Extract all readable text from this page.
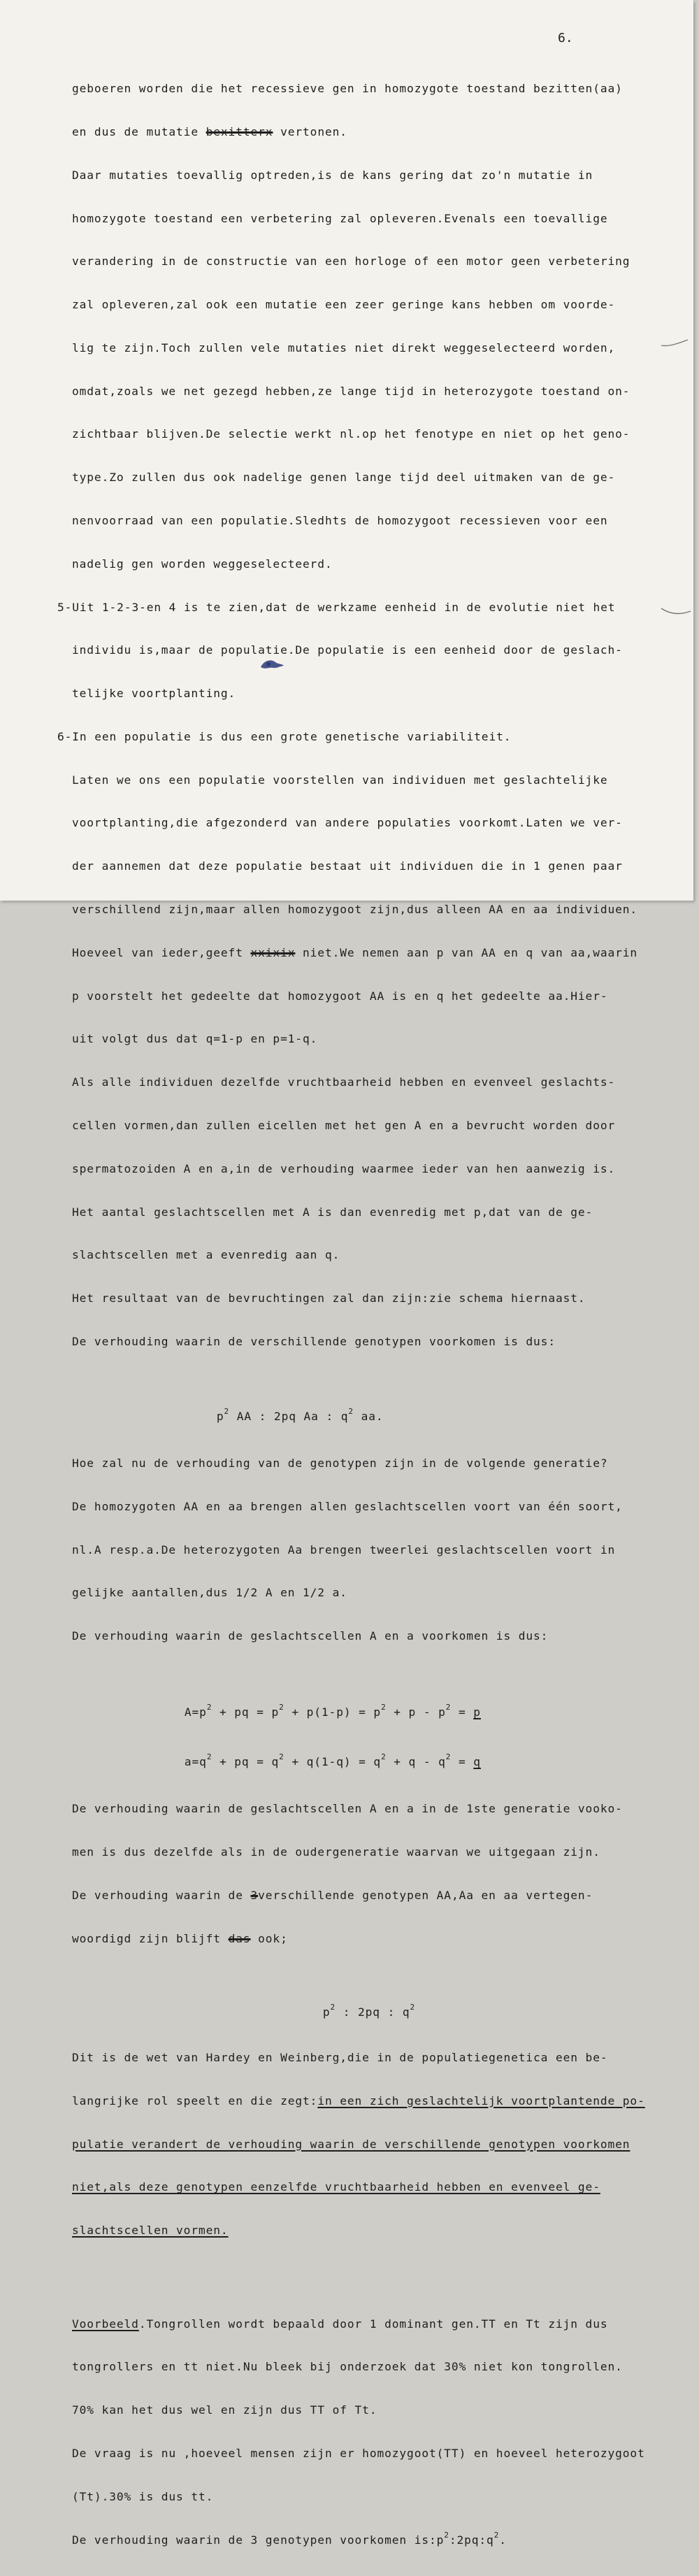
6.

geboeren worden die het recessieve gen in homozygote toestand bezitten(aa)

en dus de mutatie bexitterx vertonen.

Daar mutaties toevallig optreden,is de kans gering dat zo'n mutatie in

homozygote toestand een verbetering zal opleveren.Evenals een toevallige

verandering in de constructie van een horloge of een motor geen verbetering

zal opleveren,zal ook een mutatie een zeer geringe kans hebben om voorde-

lig te zijn.Toch zullen vele mutaties niet direkt weggeselecteerd worden,

omdat,zoals we net gezegd hebben,ze lange tijd in heterozygote toestand on-

zichtbaar blijven.De selectie werkt nl.op het fenotype en niet op het geno-

type.Zo zullen dus ook nadelige genen lange tijd deel uitmaken van de ge-

nenvoorraad van een populatie.Sledhts de homozygoot recessieven voor een

nadelig gen worden weggeselecteerd.

5-Uit 1-2-3-en 4 is te zien,dat de werkzame eenheid in de evolutie niet het

individu is,maar de populatie.De populatie is een eenheid door de geslach-

telijke voortplanting.

6-In een populatie is dus een grote genetische variabiliteit.

Laten we ons een populatie voorstellen van individuen met geslachtelijke

voortplanting,die afgezonderd van andere populaties voorkomt.Laten we ver-

der aannemen dat deze populatie bestaat uit individuen die in 1 genen paar

verschillend zijn,maar allen homozygoot zijn,dus alleen AA en aa individuen.

Hoeveel van ieder,geeft xxixix niet.We nemen aan p van AA en q van aa,waarin

p voorstelt het gedeelte dat homozygoot AA is en q het gedeelte aa.Hier-

uit volgt dus dat q=1-p en p=1-q.

Als alle individuen dezelfde vruchtbaarheid hebben en evenveel geslachts-

cellen vormen,dan zullen eicellen met het gen A en a bevrucht worden door

spermatozoiden A en a,in de verhouding waarmee ieder van hen aanwezig is.

Het aantal geslachtscellen met A is dan evenredig met p,dat van de ge-

slachtscellen met a evenredig aan q.

Het resultaat van de bevruchtingen zal dan zijn:zie schema hiernaast.

De verhouding waarin de verschillende genotypen voorkomen is dus:

$p^2$ AA : 2pq Aa : $q^2$ aa.

Hoe zal nu de verhouding van de genotypen zijn in de volgende generatie?

De homozygoten AA en aa brengen allen geslachtscellen voort van één soort,

nl.A resp.a.De heterozygoten Aa brengen tweerlei geslachtscellen voort in

gelijke aantallen,dus 1/2 A en 1/2 a.

De verhouding waarin de geslachtscellen A en a voorkomen is dus:

$A=p^2$ + pq = $p^2 + p(1-p) = p^2 + p - p^2 = p$

$a=q^2$ + pq = $q^2 + q(1-q) = q^2 + q - q^2 = q$

De verhouding waarin de geslachtscellen A en a in de 1ste generatie vooko-

men is dus dezelfde als in de oudergeneratie waarvan we uitgegaan zijn.

De verhouding waarin de 3verschillende genotypen AA,Aa en aa vertegen-

woordigd zijn blijft das ook;

$p^2$ : 2pq : $q^2$

Dit is de wet van Hardey en Weinberg,die in de populatiegenetica een be-

langrijke rol speelt en die zegt:in een zich geslachtelijk voortplantende po-

pulatie verandert de verhouding waarin de verschillende genotypen voorkomen

niet,als deze genotypen eenzelfde vruchtbaarheid hebben en evenveel ge-

slachtscellen vormen.

Voorbeeld.Tongrollen wordt bepaald door 1 dominant gen.TT en Tt zijn dus

tongrollers en tt niet.Nu bleek bij onderzoek dat 30% niet kon tongrollen.

70% kan het dus wel en zijn dus TT of Tt.

De vraag is nu ,hoeveel mensen zijn er homozygoot(TT) en hoeveel heterozygoot

(Tt).30% is dus tt.

De verhouding waarin de 3 genotypen voorkomen $is:p^2:2pq:q^2$.
